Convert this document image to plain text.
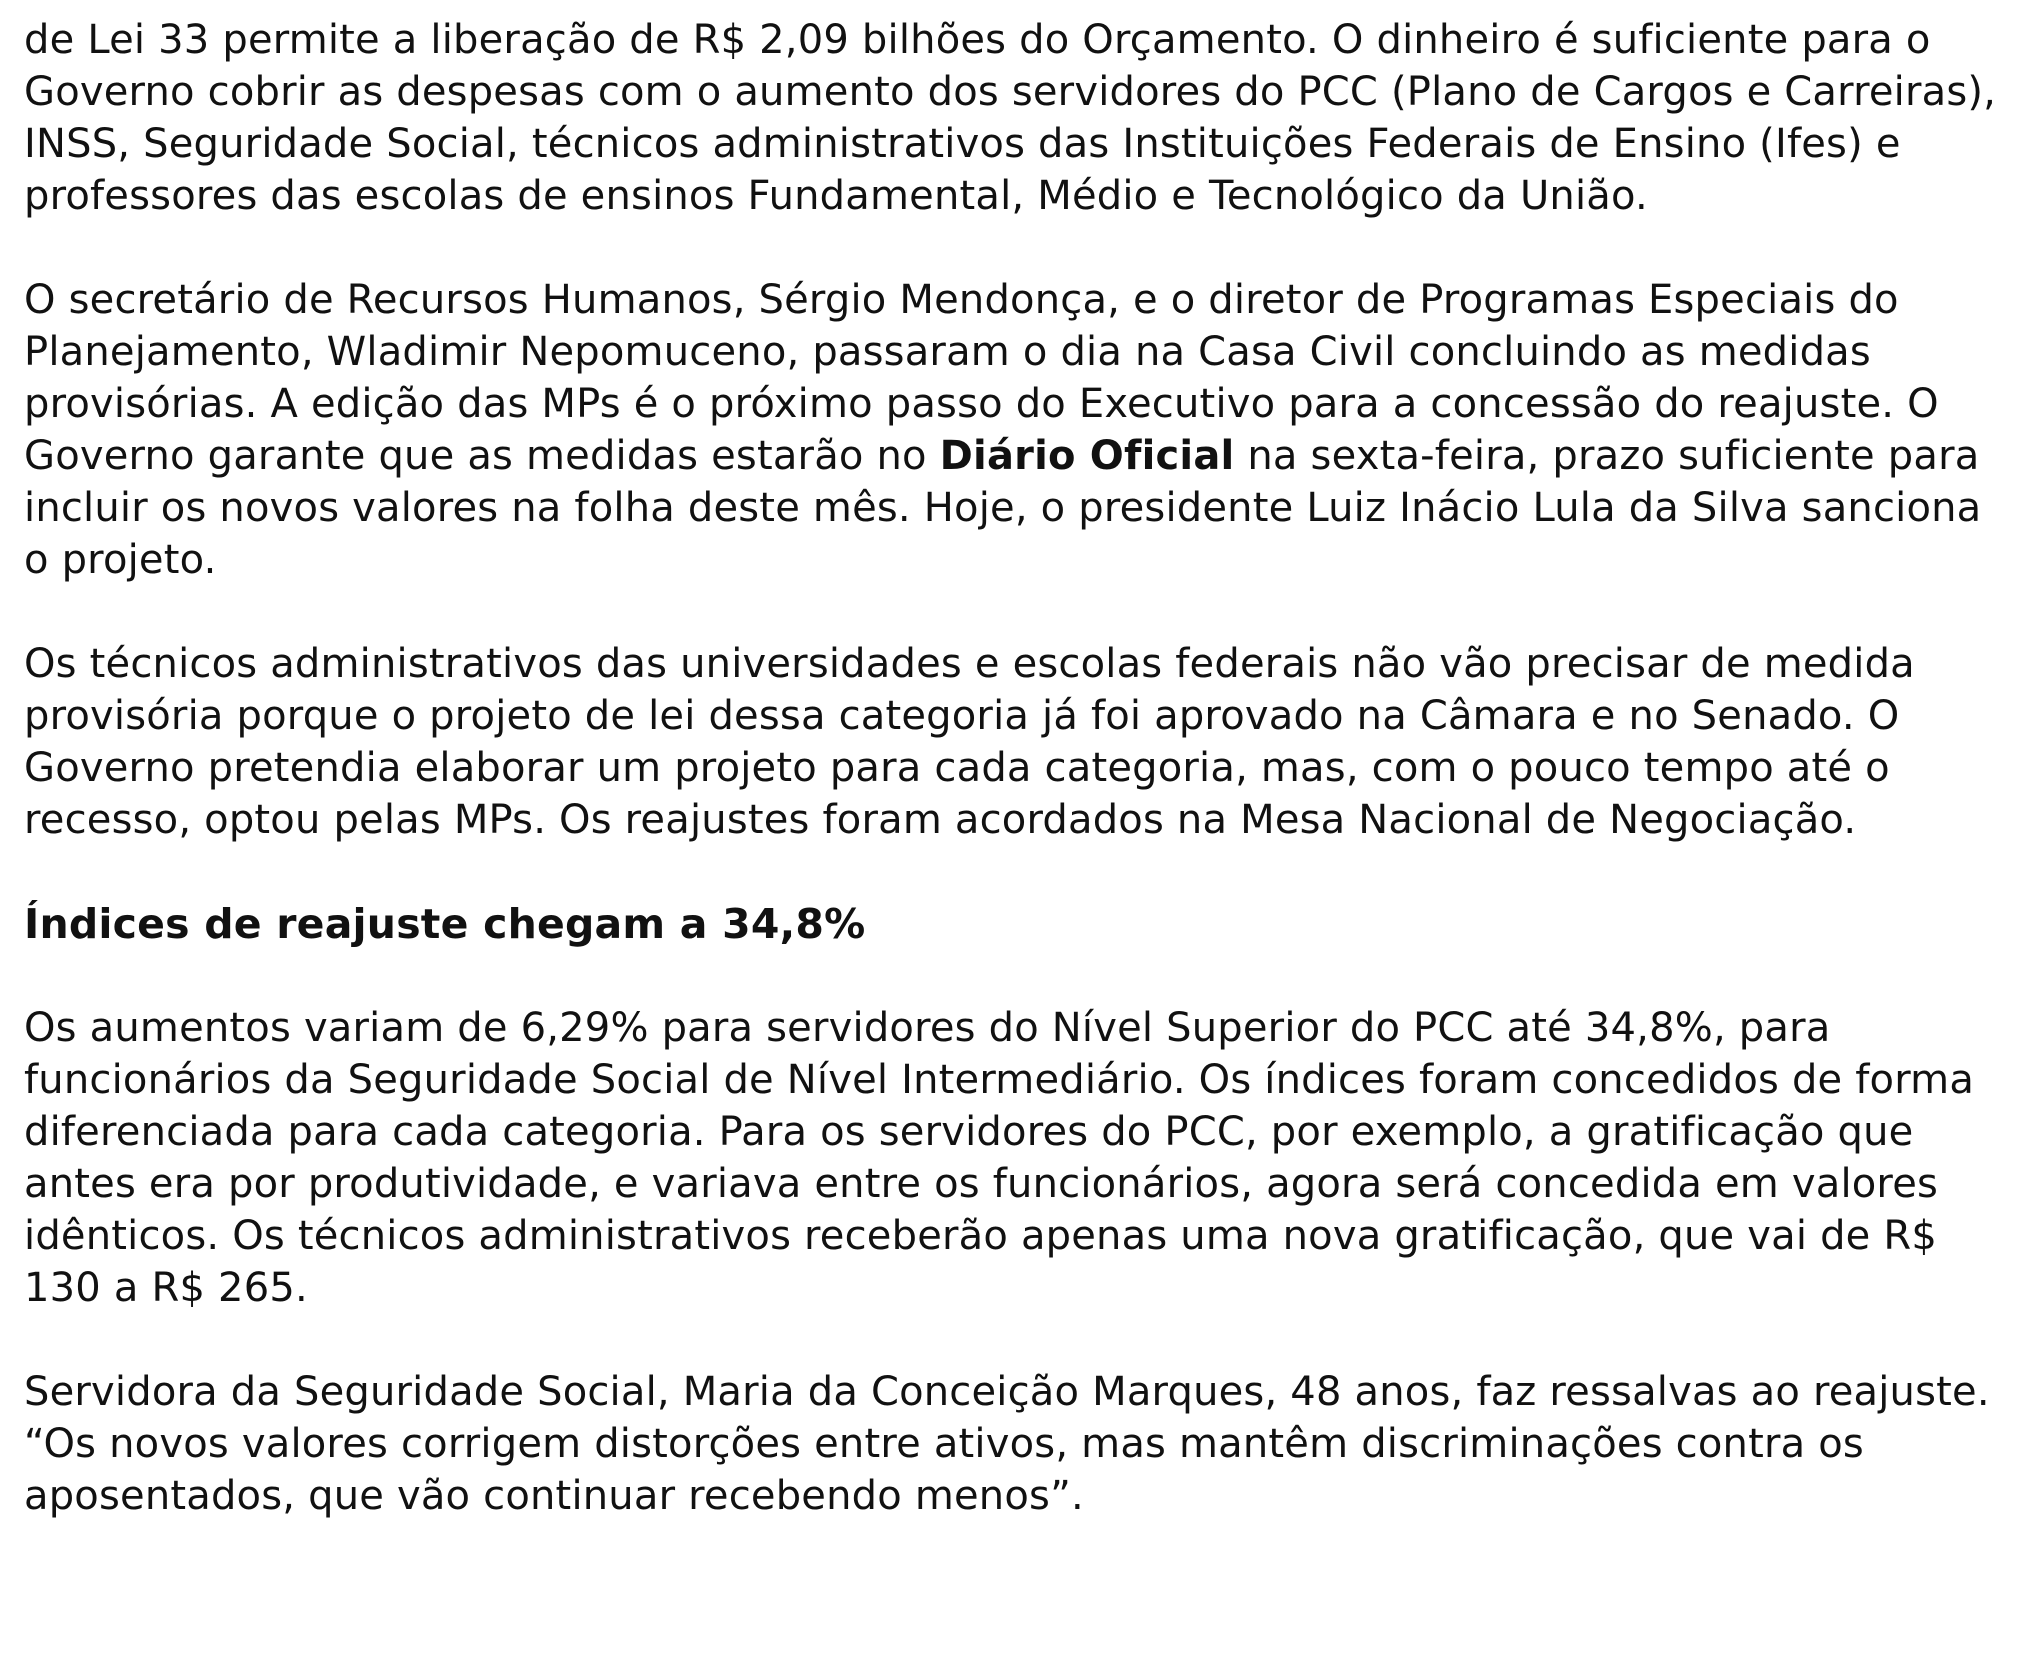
de Lei 33 permite a liberação de R$ 2,09 bilhões do Orçamento. O dinheiro é suficiente para o Governo cobrir as despesas com o aumento dos servidores do PCC (Plano de Cargos e Carreiras), INSS, Seguridade Social, técnicos administrativos das Instituições Federais de Ensino (Ifes) e professores das escolas de ensinos Fundamental, Médio e Tecnológico da União.

O secretário de Recursos Humanos, Sérgio Mendonça, e o diretor de Programas Especiais do Planejamento, Wladimir Nepomuceno, passaram o dia na Casa Civil concluindo as medidas provisórias. A edição das MPs é o próximo passo do Executivo para a concessão do reajuste. O Governo garante que as medidas estarão no Diário Oficial na sexta-feira, prazo suficiente para incluir os novos valores na folha deste mês. Hoje, o presidente Luiz Inácio Lula da Silva sanciona o projeto.

Os técnicos administrativos das universidades e escolas federais não vão precisar de medida provisória porque o projeto de lei dessa categoria já foi aprovado na Câmara e no Senado. O Governo pretendia elaborar um projeto para cada categoria, mas, com o pouco tempo até o recesso, optou pelas MPs. Os reajustes foram acordados na Mesa Nacional de Negociação.

Índices de reajuste chegam a 34,8%

Os aumentos variam de 6,29% para servidores do Nível Superior do PCC até 34,8%, para funcionários da Seguridade Social de Nível Intermediário. Os índices foram concedidos de forma diferenciada para cada categoria. Para os servidores do PCC, por exemplo, a gratificação que antes era por produtividade, e variava entre os funcionários, agora será concedida em valores idênticos. Os técnicos administrativos receberão apenas uma nova gratificação, que vai de R$ 130 a R$ 265.

Servidora da Seguridade Social, Maria da Conceição Marques, 48 anos, faz ressalvas ao reajuste. “Os novos valores corrigem distorções entre ativos, mas mantêm discriminações contra os aposentados, que vão continuar recebendo menos”.
